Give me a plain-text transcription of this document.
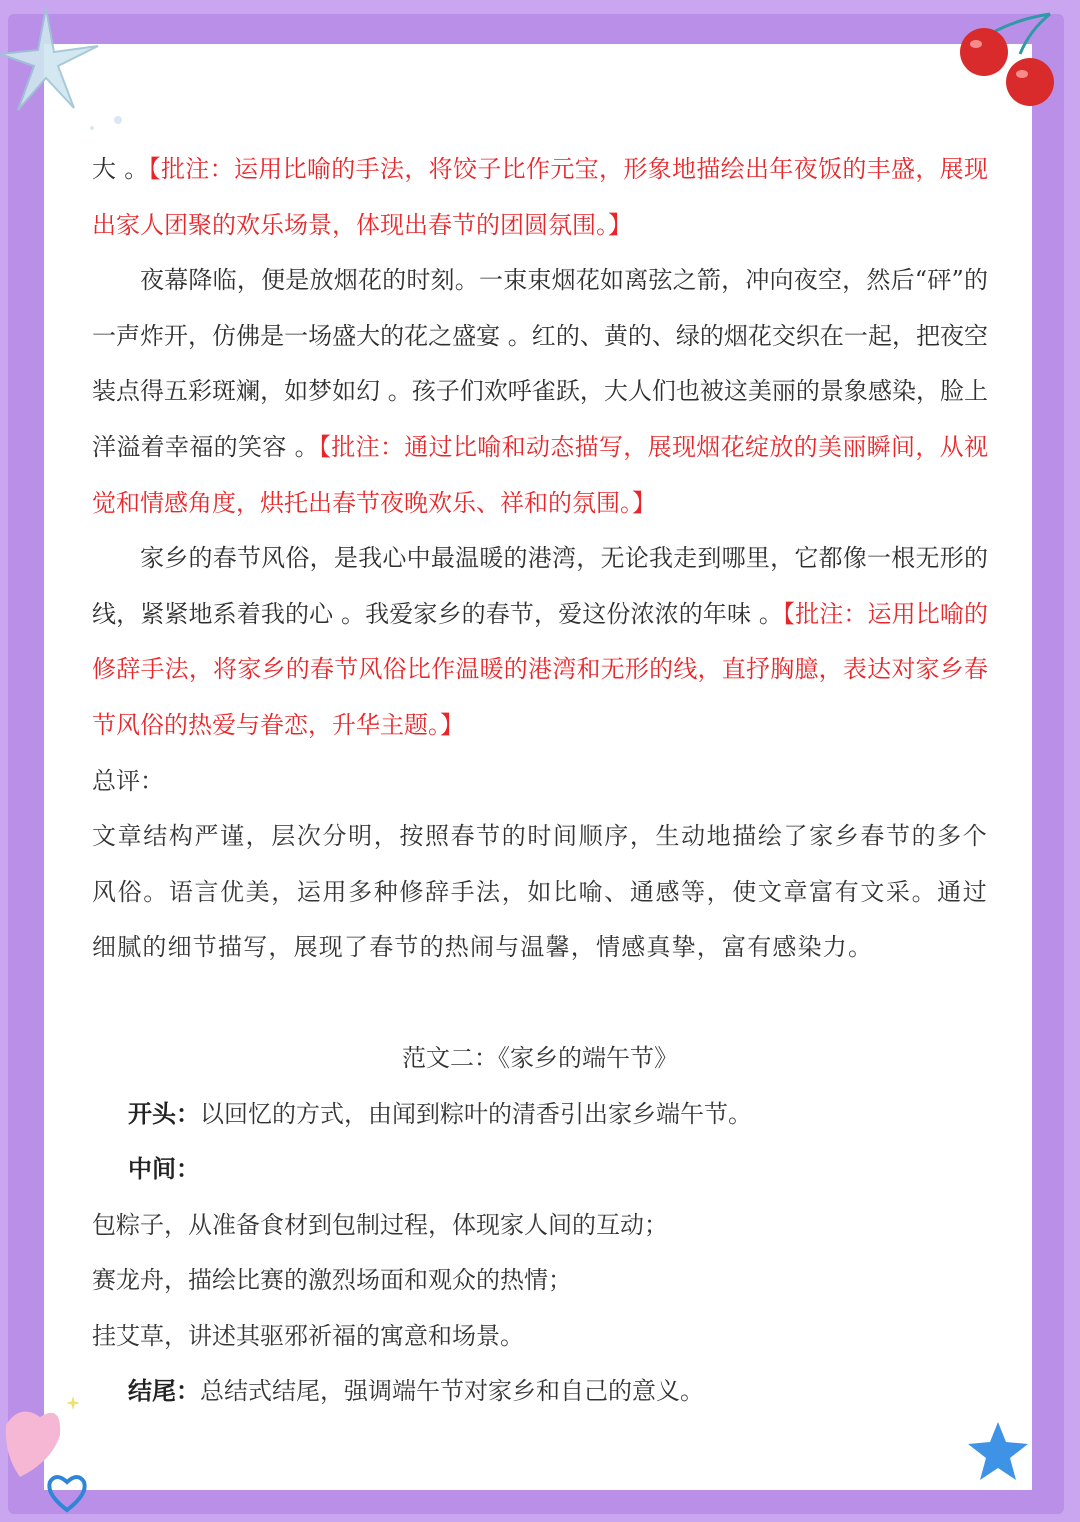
大 。【批注：运用比喻的手法，将饺子比作元宝，形象地描绘出年夜饭的丰盛，展现出家人团聚的欢乐场景，体现出春节的团圆氛围。】

夜幕降临，便是放烟花的时刻。一束束烟花如离弦之箭，冲向夜空，然后“砰”的一声炸开，仿佛是一场盛大的花之盛宴 。红的、黄的、绿的烟花交织在一起，把夜空装点得五彩斑斓，如梦如幻 。孩子们欢呼雀跃，大人们也被这美丽的景象感染，脸上洋溢着幸福的笑容 。【批注：通过比喻和动态描写，展现烟花绽放的美丽瞬间，从视觉和情感角度，烘托出春节夜晚欢乐、祥和的氛围。】

家乡的春节风俗，是我心中最温暖的港湾，无论我走到哪里，它都像一根无形的线，紧紧地系着我的心 。我爱家乡的春节，爱这份浓浓的年味 。【批注：运用比喻的修辞手法，将家乡的春节风俗比作温暖的港湾和无形的线，直抒胸臆，表达对家乡春节风俗的热爱与眷恋，升华主题。】

总评：

文章结构严谨，层次分明，按照春节的时间顺序，生动地描绘了家乡春节的多个风俗。语言优美，运用多种修辞手法，如比喻、通感等，使文章富有文采。通过细腻的细节描写，展现了春节的热闹与温馨，情感真挚，富有感染力。

范文二：《家乡的端午节》

开头：以回忆的方式，由闻到粽叶的清香引出家乡端午节。

中间：

包粽子，从准备食材到包制过程，体现家人间的互动；

赛龙舟，描绘比赛的激烈场面和观众的热情；

挂艾草，讲述其驱邪祈福的寓意和场景。

结尾：总结式结尾，强调端午节对家乡和自己的意义。
